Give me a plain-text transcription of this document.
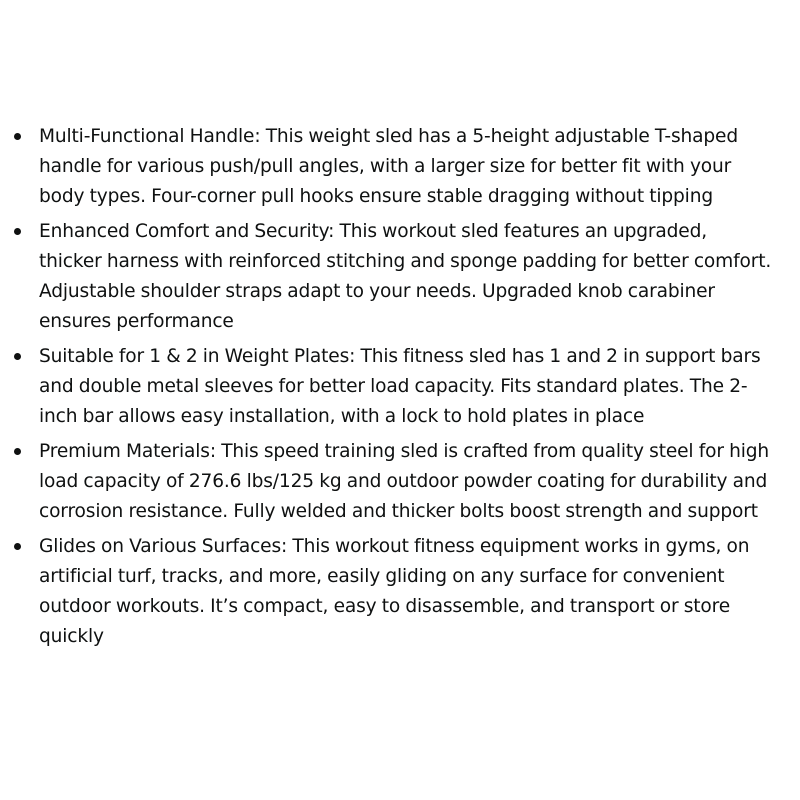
Multi-Functional Handle: This weight sled has a 5-height adjustable T-shaped handle for various push/pull angles, with a larger size for better fit with your body types. Four-corner pull hooks ensure stable dragging without tipping
Enhanced Comfort and Security: This workout sled features an upgraded, thicker harness with reinforced stitching and sponge padding for better comfort. Adjustable shoulder straps adapt to your needs. Upgraded knob carabiner ensures performance
Suitable for 1 & 2 in Weight Plates: This fitness sled has 1 and 2 in support bars and double metal sleeves for better load capacity. Fits standard plates. The 2-inch bar allows easy installation, with a lock to hold plates in place
Premium Materials: This speed training sled is crafted from quality steel for high load capacity of 276.6 lbs/125 kg and outdoor powder coating for durability and corrosion resistance. Fully welded and thicker bolts boost strength and support
Glides on Various Surfaces: This workout fitness equipment works in gyms, on artificial turf, tracks, and more, easily gliding on any surface for convenient outdoor workouts. It’s compact, easy to disassemble, and transport or store quickly
